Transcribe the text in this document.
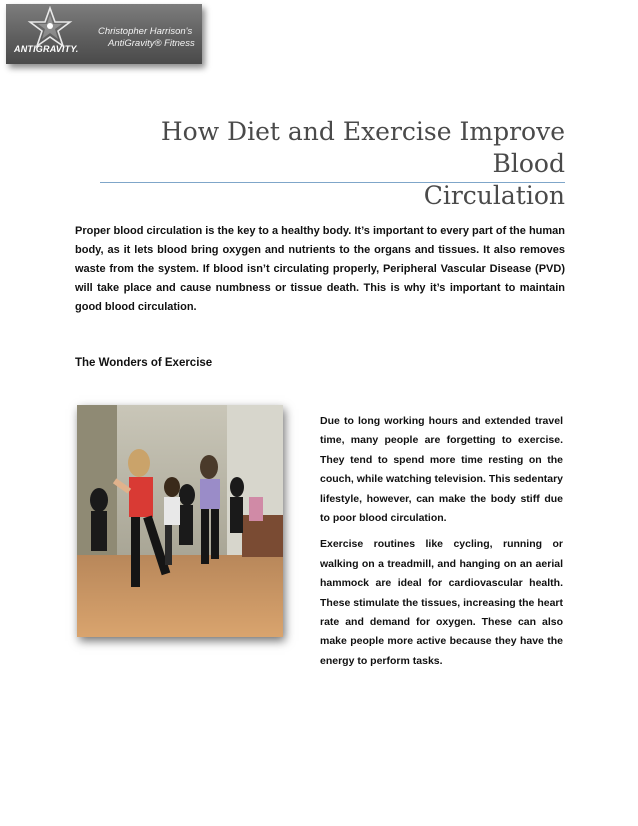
ANTIGRAVITY.
Christopher Harrison's
AntiGravity® Fitness
How Diet and Exercise Improve Blood
Circulation
Proper blood circulation is the key to a healthy body. It’s important to every part of the human body, as it lets blood bring oxygen and nutrients to the organs and tissues. It also removes waste from the system. If blood isn’t circulating properly, Peripheral Vascular Disease (PVD) will take place and cause numbness or tissue death. This is why it’s important to maintain good blood circulation.
The Wonders of Exercise

Due to long working hours and extended travel time, many people are forgetting to exercise. They tend to spend more time resting on the couch, while watching television. This sedentary lifestyle, however, can make the body stiff due to poor blood circulation.

Exercise routines like cycling, running or walking on a treadmill, and hanging on an aerial hammock are ideal for cardiovascular health. These stimulate the tissues, increasing the heart rate and demand for oxygen. These can also make people more active because they have the energy to perform tasks.
